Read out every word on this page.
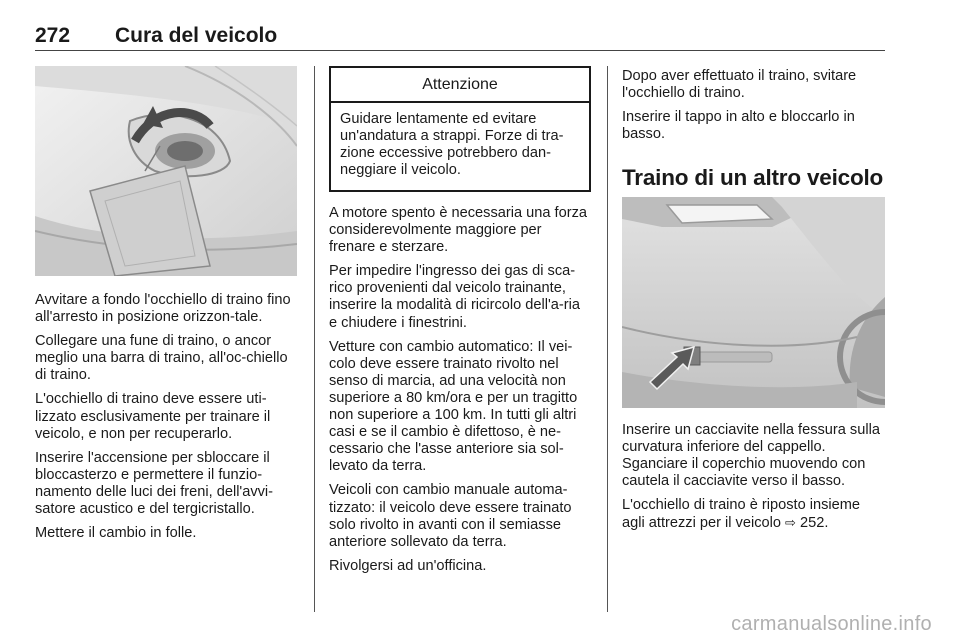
272 Cura del veicolo

Avvitare a fondo l'occhiello di traino fino all'arresto in posizione orizzon-tale.

Collegare una fune di traino, o ancor meglio una barra di traino, all'oc-chiello di traino.

L'occhiello di traino deve essere uti-lizzato esclusivamente per trainare il veicolo, e non per recuperarlo.

Inserire l'accensione per sbloccare il bloccasterzo e permettere il funzio-namento delle luci dei freni, dell'avvi-satore acustico e del tergicristallo.

Mettere il cambio in folle.

Attenzione
Guidare lentamente ed evitare un'andatura a strappi. Forze di tra-zione eccessive potrebbero dan-neggiare il veicolo.

A motore spento è necessaria una forza considerevolmente maggiore per frenare e sterzare.

Per impedire l'ingresso dei gas di sca-rico provenienti dal veicolo trainante, inserire la modalità di ricircolo dell'a-ria e chiudere i finestrini.

Vetture con cambio automatico: Il vei-colo deve essere trainato rivolto nel senso di marcia, ad una velocità non superiore a 80 km/ora e per un tragitto non superiore a 100 km. In tutti gli altri casi e se il cambio è difettoso, è ne-cessario che l'asse anteriore sia sol-levato da terra.

Veicoli con cambio manuale automa-tizzato: il veicolo deve essere trainato solo rivolto in avanti con il semiasse anteriore sollevato da terra.

Rivolgersi ad un'officina.

Dopo aver effettuato il traino, svitare l'occhiello di traino.

Inserire il tappo in alto e bloccarlo in basso.

Traino di un altro veicolo

Inserire un cacciavite nella fessura sulla curvatura inferiore del cappello. Sganciare il coperchio muovendo con cautela il cacciavite verso il basso.

L'occhiello di traino è riposto insieme agli attrezzi per il veicolo ⇨ 252.

carmanualsonline.info
